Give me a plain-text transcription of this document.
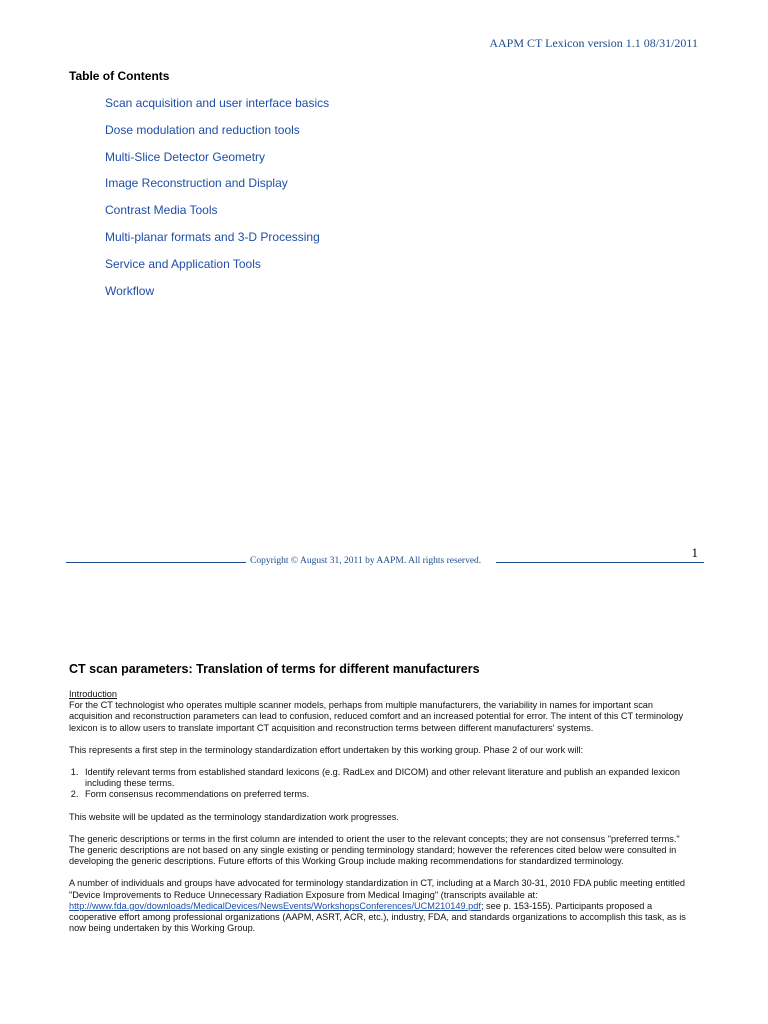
AAPM CT Lexicon version 1.1 08/31/2011
Table of Contents
Scan acquisition and user interface basics
Dose modulation and reduction tools
Multi-Slice Detector Geometry
Image Reconstruction and Display
Contrast Media Tools
Multi-planar formats and 3-D Processing
Service and Application Tools
Workflow
1
Copyright © August 31, 2011 by AAPM. All rights reserved.
CT scan parameters: Translation of terms for different manufacturers

Introduction
For the CT technologist who operates multiple scanner models, perhaps from multiple manufacturers, the variability in names for important scan acquisition and reconstruction parameters can lead to confusion, reduced comfort and an increased potential for error. The intent of this CT terminology lexicon is to allow users to translate important CT acquisition and reconstruction terms between different manufacturers' systems.

This represents a first step in the terminology standardization effort undertaken by this working group. Phase 2 of our work will:

1. Identify relevant terms from established standard lexicons (e.g. RadLex and DICOM) and other relevant literature and publish an expanded lexicon including these terms.
2. Form consensus recommendations on preferred terms.

This website will be updated as the terminology standardization work progresses.

The generic descriptions or terms in the first column are intended to orient the user to the relevant concepts; they are not consensus "preferred terms." The generic descriptions are not based on any single existing or pending terminology standard; however the references cited below were consulted in developing the generic descriptions. Future efforts of this Working Group include making recommendations for standardized terminology.

A number of individuals and groups have advocated for terminology standardization in CT, including at a March 30-31, 2010 FDA public meeting entitled "Device Improvements to Reduce Unnecessary Radiation Exposure from Medical Imaging" (transcripts available at: http://www.fda.gov/downloads/MedicalDevices/NewsEvents/WorkshopsConferences/UCM210149.pdf; see p. 153-155). Participants proposed a cooperative effort among professional organizations (AAPM, ASRT, ACR, etc.), industry, FDA, and standards organizations to accomplish this task, as is now being undertaken by this Working Group.
